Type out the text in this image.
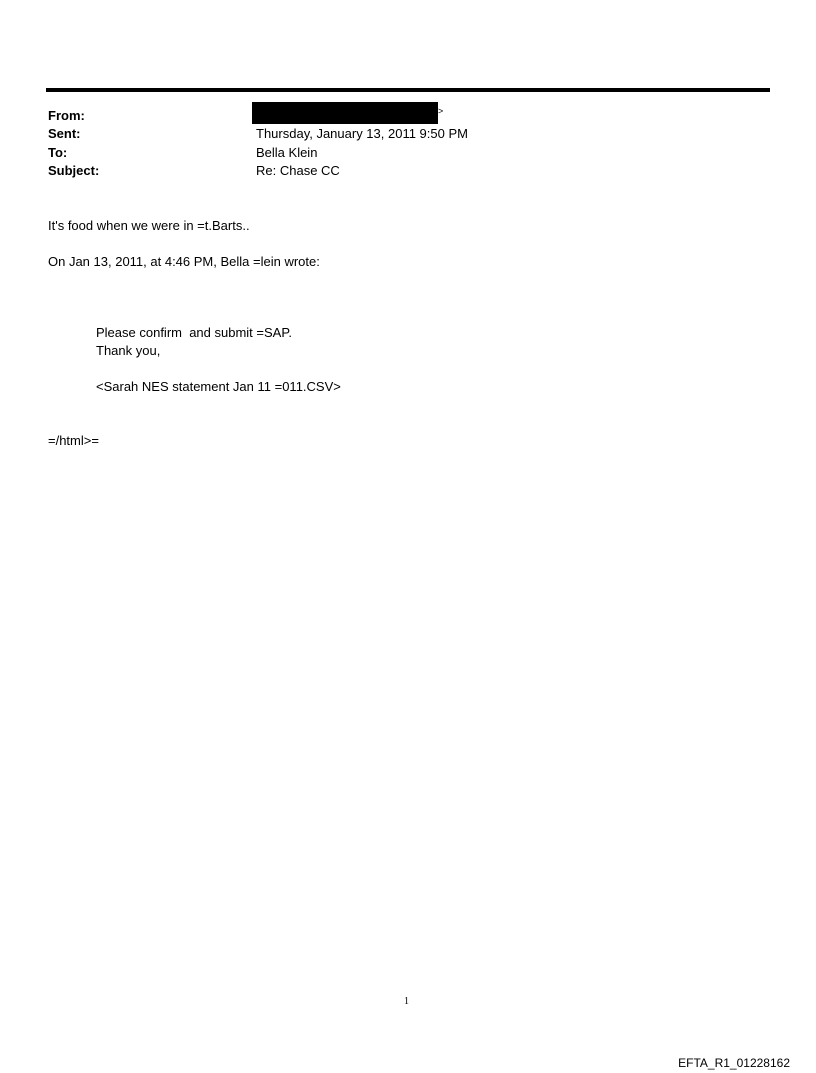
From:	>
Sent:	Thursday, January 13, 2011 9:50 PM
To:	Bella Klein
Subject:	Re: Chase CC
It's food when we were in =t.Barts..
On Jan 13, 2011, at 4:46 PM, Bella =lein wrote:
Please confirm  and submit =SAP.
Thank you,
<Sarah NES statement Jan 11 =011.CSV>
=/html>=
1
EFTA_R1_01228162
